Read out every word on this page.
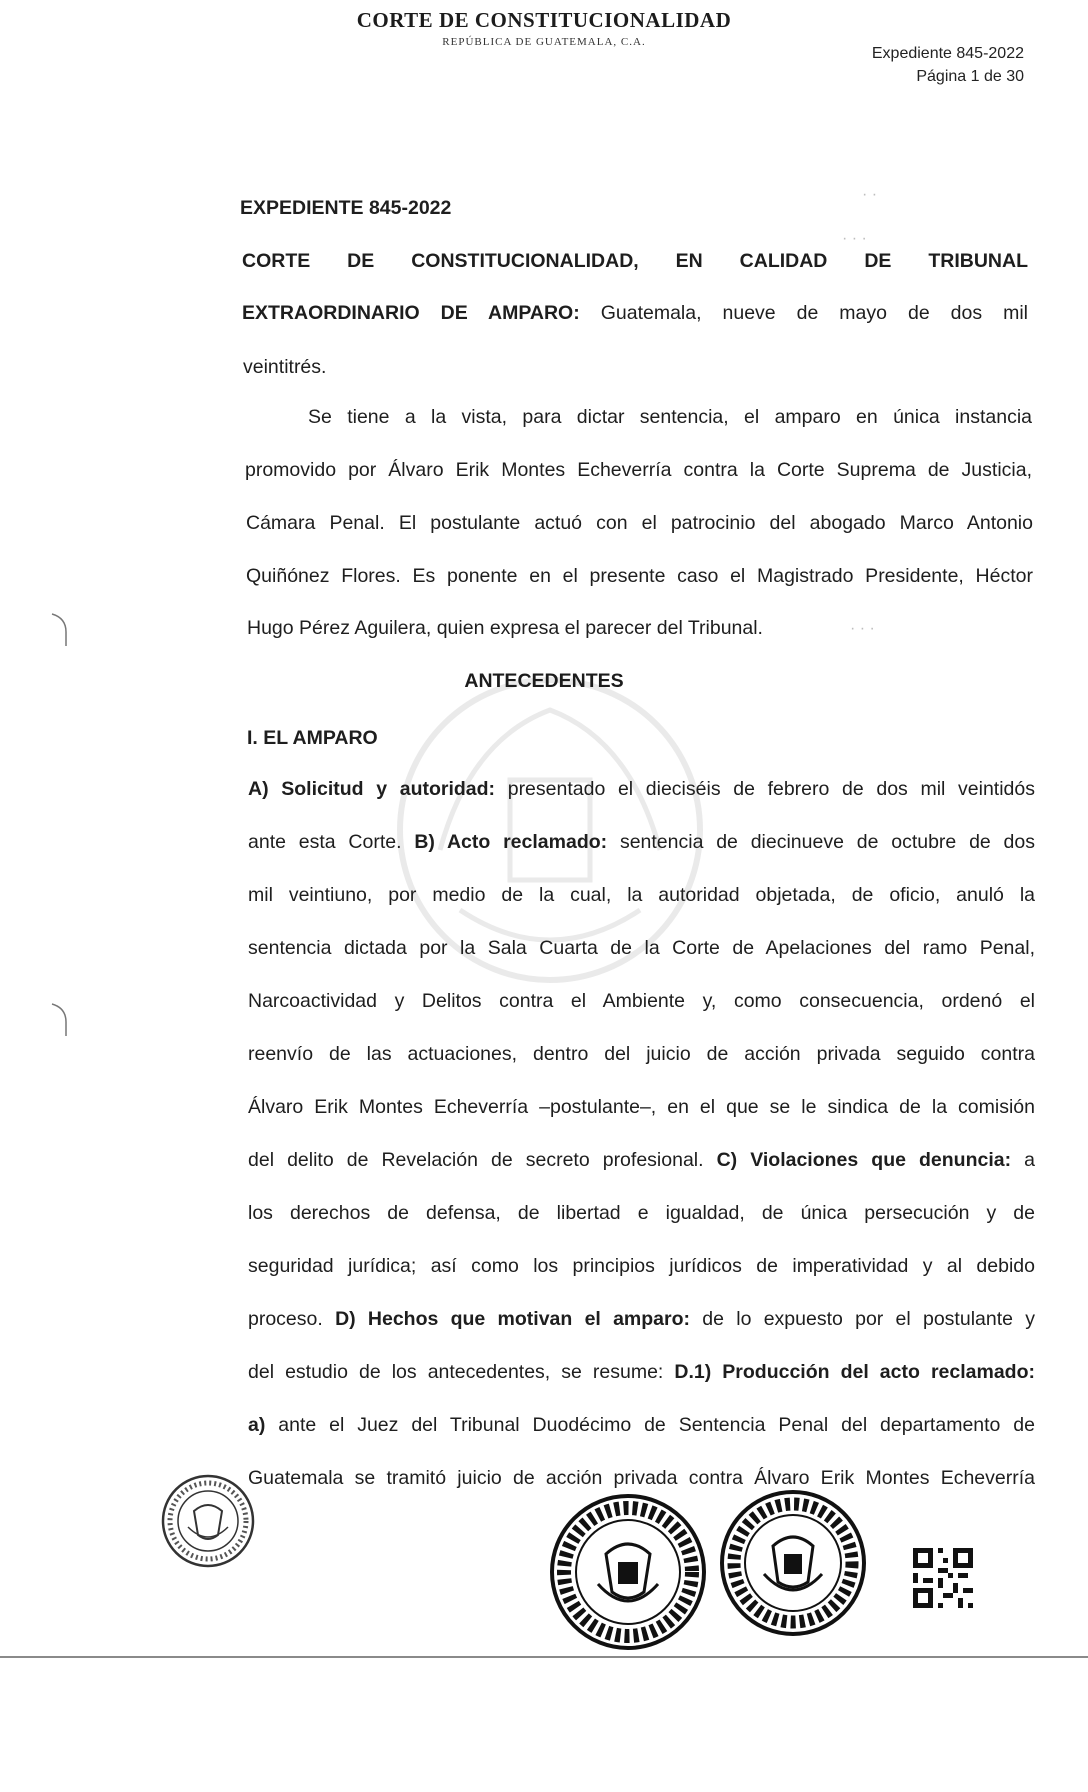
CORTE DE CONSTITUCIONALIDAD
REPÚBLICA DE GUATEMALA, C.A.
Expediente 845-2022
Página 1 de 30
· ·
· · ·
· · ·
EXPEDIENTE 845-2022
CORTE DE CONSTITUCIONALIDAD, EN CALIDAD DE TRIBUNAL
EXTRAORDINARIO DE AMPARO: Guatemala, nueve de mayo de dos mil
veintitrés.
Se tiene a la vista, para dictar sentencia, el amparo en única instancia
promovido por Álvaro Erik Montes Echeverría contra la Corte Suprema de Justicia,
Cámara Penal. El postulante actuó con el patrocinio del abogado Marco Antonio
Quiñónez Flores. Es ponente en el presente caso el Magistrado Presidente, Héctor
Hugo Pérez Aguilera, quien expresa el parecer del Tribunal.
ANTECEDENTES
I. EL AMPARO
A) Solicitud y autoridad: presentado el dieciséis de febrero de dos mil veintidós
ante esta Corte. B) Acto reclamado: sentencia de diecinueve de octubre de dos
mil veintiuno, por medio de la cual, la autoridad objetada, de oficio, anuló la
sentencia dictada por la Sala Cuarta de la Corte de Apelaciones del ramo Penal,
Narcoactividad y Delitos contra el Ambiente y, como consecuencia, ordenó el
reenvío de las actuaciones, dentro del juicio de acción privada seguido contra
Álvaro Erik Montes Echeverría –postulante–, en el que se le sindica de la comisión
del delito de Revelación de secreto profesional. C) Violaciones que denuncia: a
los derechos de defensa, de libertad e igualdad, de única persecución y de
seguridad jurídica; así como los principios jurídicos de imperatividad y al debido
proceso. D) Hechos que motivan el amparo: de lo expuesto por el postulante y
del estudio de los antecedentes, se resume: D.1) Producción del acto reclamado:
a) ante el Juez del Tribunal Duodécimo de Sentencia Penal del departamento de
Guatemala se tramitó juicio de acción privada contra Álvaro Erik Montes Echeverría
